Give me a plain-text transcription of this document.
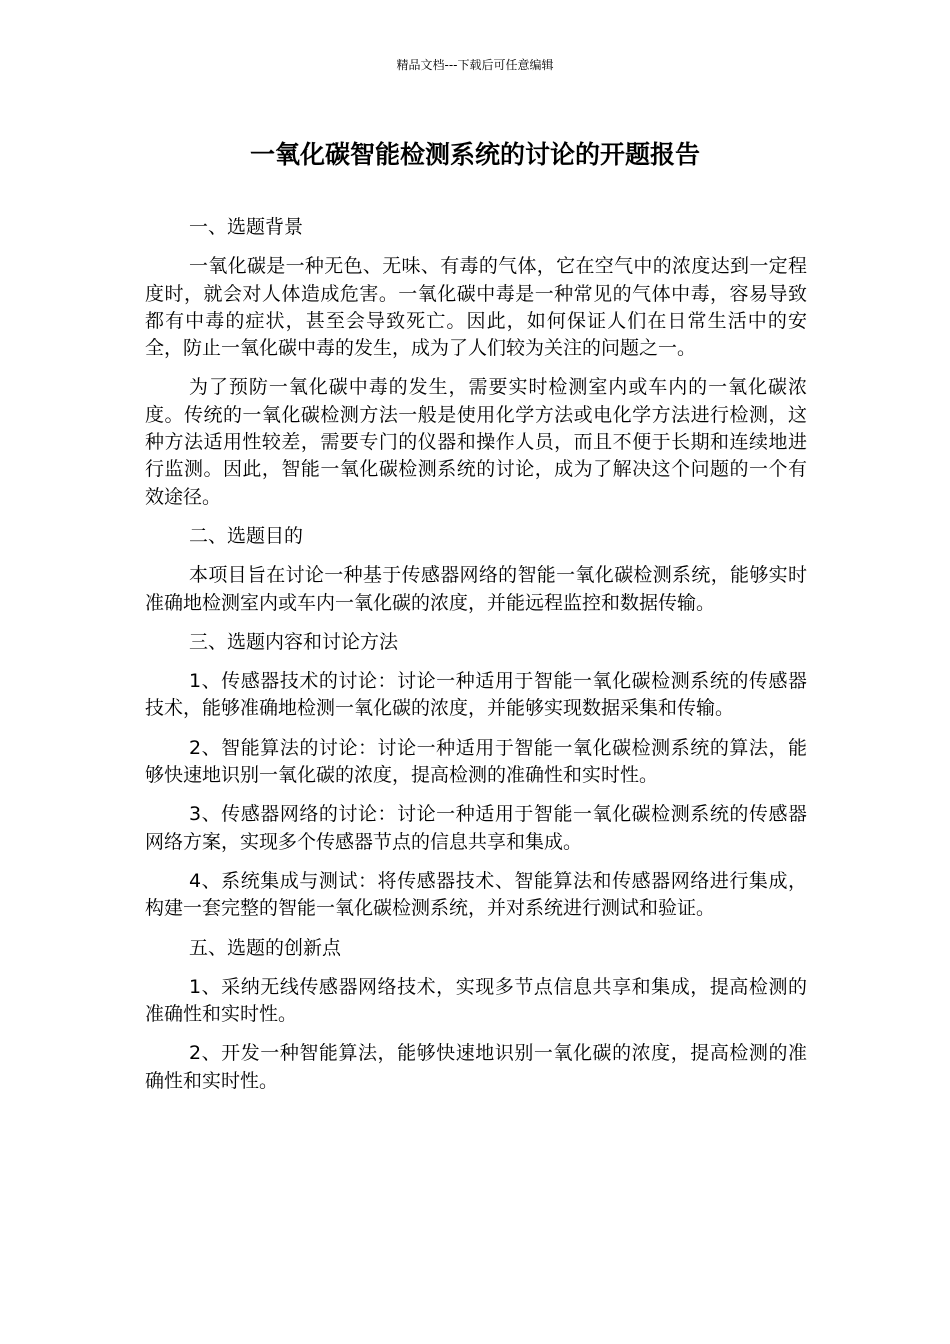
精品文档---下载后可任意编辑
一氧化碳智能检测系统的讨论的开题报告

一、选题背景

一氧化碳是一种无色、无味、有毒的气体，它在空气中的浓度达到一定程度时，就会对人体造成危害。一氧化碳中毒是一种常见的气体中毒，容易导致都有中毒的症状，甚至会导致死亡。因此，如何保证人们在日常生活中的安全，防止一氧化碳中毒的发生，成为了人们较为关注的问题之一。

为了预防一氧化碳中毒的发生，需要实时检测室内或车内的一氧化碳浓度。传统的一氧化碳检测方法一般是使用化学方法或电化学方法进行检测，这种方法适用性较差，需要专门的仪器和操作人员，而且不便于长期和连续地进行监测。因此，智能一氧化碳检测系统的讨论，成为了解决这个问题的一个有效途径。

二、选题目的

本项目旨在讨论一种基于传感器网络的智能一氧化碳检测系统，能够实时准确地检测室内或车内一氧化碳的浓度，并能远程监控和数据传输。

三、选题内容和讨论方法

1、传感器技术的讨论：讨论一种适用于智能一氧化碳检测系统的传感器技术，能够准确地检测一氧化碳的浓度，并能够实现数据采集和传输。

2、智能算法的讨论：讨论一种适用于智能一氧化碳检测系统的算法，能够快速地识别一氧化碳的浓度，提高检测的准确性和实时性。

3、传感器网络的讨论：讨论一种适用于智能一氧化碳检测系统的传感器网络方案，实现多个传感器节点的信息共享和集成。

4、系统集成与测试：将传感器技术、智能算法和传感器网络进行集成，构建一套完整的智能一氧化碳检测系统，并对系统进行测试和验证。

五、选题的创新点

1、采纳无线传感器网络技术，实现多节点信息共享和集成，提高检测的准确性和实时性。

2、开发一种智能算法，能够快速地识别一氧化碳的浓度，提高检测的准确性和实时性。
